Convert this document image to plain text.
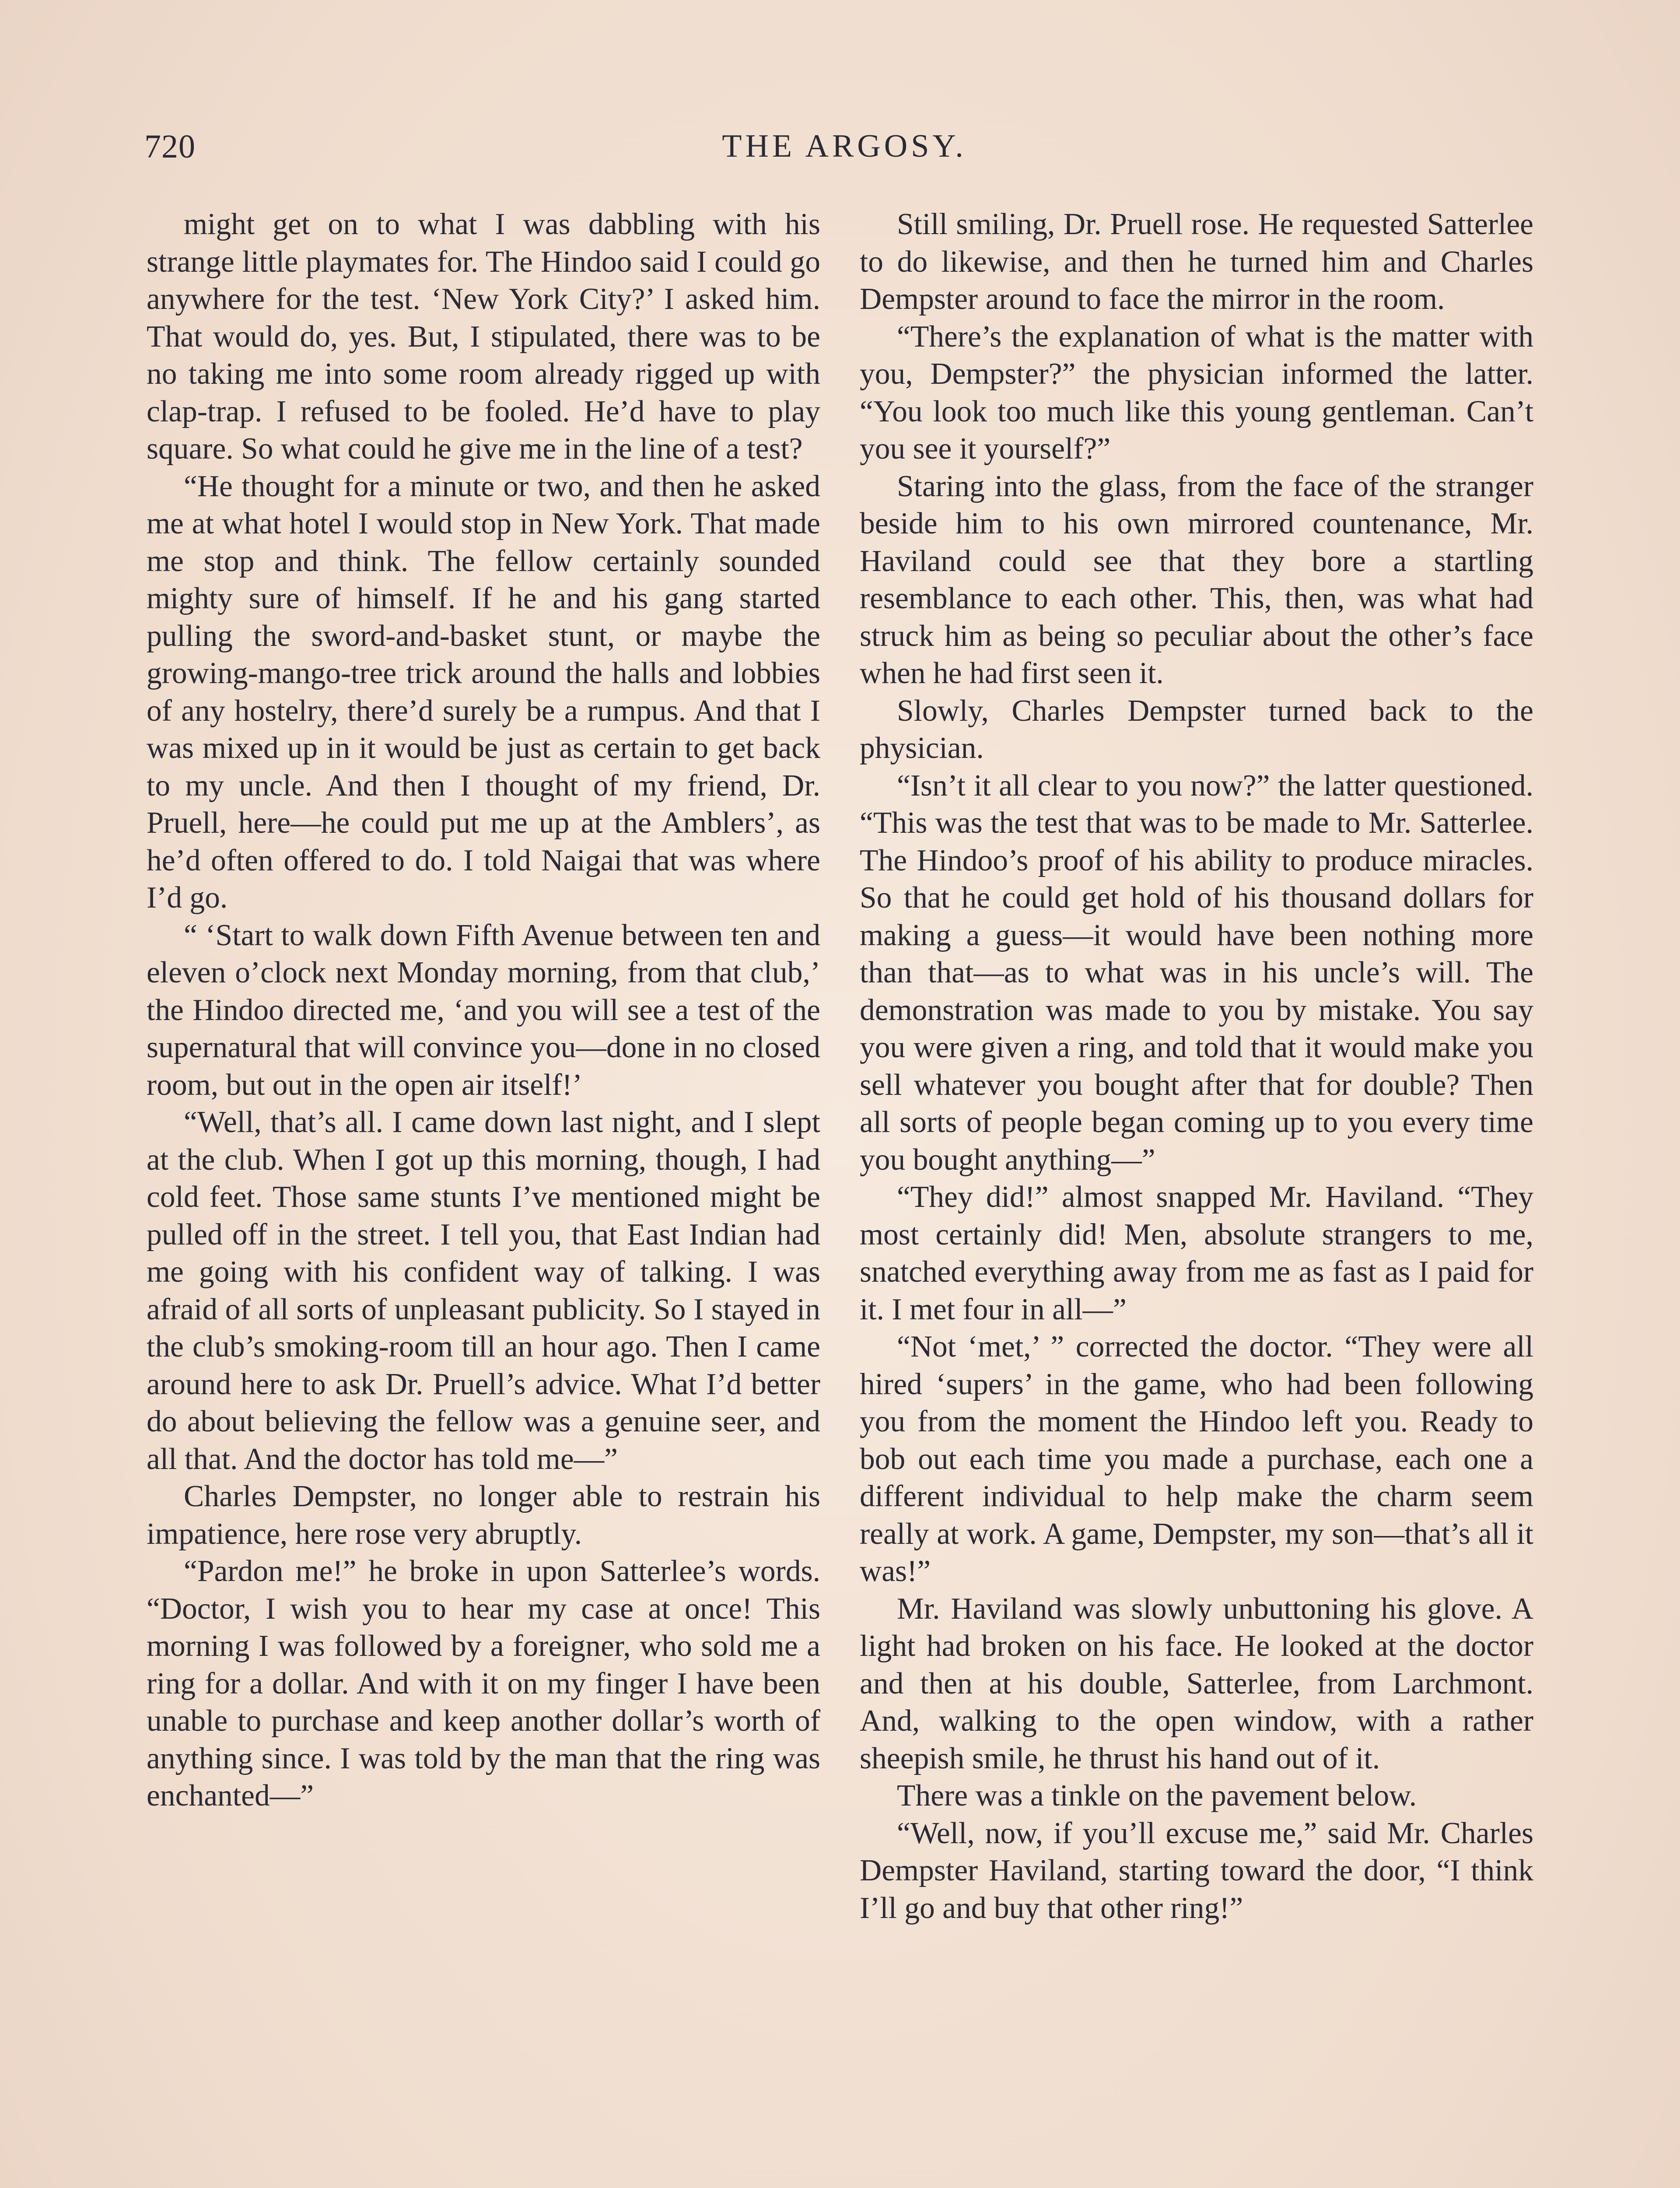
720	THE ARGOSY.

might get on to what I was dabbling with his strange little playmates for. The Hindoo said I could go anywhere for the test. ‘New York City?’ I asked him. That would do, yes. But, I stipulated, there was to be no taking me into some room already rigged up with clap-trap. I refused to be fooled. He’d have to play square. So what could he give me in the line of a test?

“He thought for a minute or two, and then he asked me at what hotel I would stop in New York. That made me stop and think. The fellow certainly sounded mighty sure of himself. If he and his gang started pulling the sword-and-basket stunt, or maybe the growing-mango-tree trick around the halls and lobbies of any hostelry, there’d surely be a rumpus. And that I was mixed up in it would be just as certain to get back to my uncle. And then I thought of my friend, Dr. Pruell, here—he could put me up at the Amblers’, as he’d often offered to do. I told Naigai that was where I’d go.

“ ‘Start to walk down Fifth Avenue between ten and eleven o’clock next Monday morning, from that club,’ the Hindoo directed me, ‘and you will see a test of the supernatural that will convince you—done in no closed room, but out in the open air itself!’

“Well, that’s all. I came down last night, and I slept at the club. When I got up this morning, though, I had cold feet. Those same stunts I’ve mentioned might be pulled off in the street. I tell you, that East Indian had me going with his confident way of talking. I was afraid of all sorts of unpleasant publicity. So I stayed in the club’s smoking-room till an hour ago. Then I came around here to ask Dr. Pruell’s advice. What I’d better do about believing the fellow was a genuine seer, and all that. And the doctor has told me—”

Charles Dempster, no longer able to restrain his impatience, here rose very abruptly.

“Pardon me!” he broke in upon Satterlee’s words. “Doctor, I wish you to hear my case at once! This morning I was followed by a foreigner, who sold me a ring for a dollar. And with it on my finger I have been unable to purchase and keep another dollar’s worth of anything since. I was told by the man that the ring was enchanted—”

Still smiling, Dr. Pruell rose. He requested Satterlee to do likewise, and then he turned him and Charles Dempster around to face the mirror in the room.

“There’s the explanation of what is the matter with you, Dempster?” the physician informed the latter. “You look too much like this young gentleman. Can’t you see it yourself?”

Staring into the glass, from the face of the stranger beside him to his own mirrored countenance, Mr. Haviland could see that they bore a startling resemblance to each other. This, then, was what had struck him as being so peculiar about the other’s face when he had first seen it.

Slowly, Charles Dempster turned back to the physician.

“Isn’t it all clear to you now?” the latter questioned. “This was the test that was to be made to Mr. Satterlee. The Hindoo’s proof of his ability to produce miracles. So that he could get hold of his thousand dollars for making a guess—it would have been nothing more than that—as to what was in his uncle’s will. The demonstration was made to you by mistake. You say you were given a ring, and told that it would make you sell whatever you bought after that for double? Then all sorts of people began coming up to you every time you bought anything—”

“They did!” almost snapped Mr. Haviland. “They most certainly did! Men, absolute strangers to me, snatched everything away from me as fast as I paid for it. I met four in all—”

“Not ‘met,’ ” corrected the doctor. “They were all hired ‘supers’ in the game, who had been following you from the moment the Hindoo left you. Ready to bob out each time you made a purchase, each one a different individual to help make the charm seem really at work. A game, Dempster, my son—that’s all it was!”

Mr. Haviland was slowly unbuttoning his glove. A light had broken on his face. He looked at the doctor and then at his double, Satterlee, from Larchmont. And, walking to the open window, with a rather sheepish smile, he thrust his hand out of it.

There was a tinkle on the pavement below.

“Well, now, if you’ll excuse me,” said Mr. Charles Dempster Haviland, starting toward the door, “I think I’ll go and buy that other ring!”
